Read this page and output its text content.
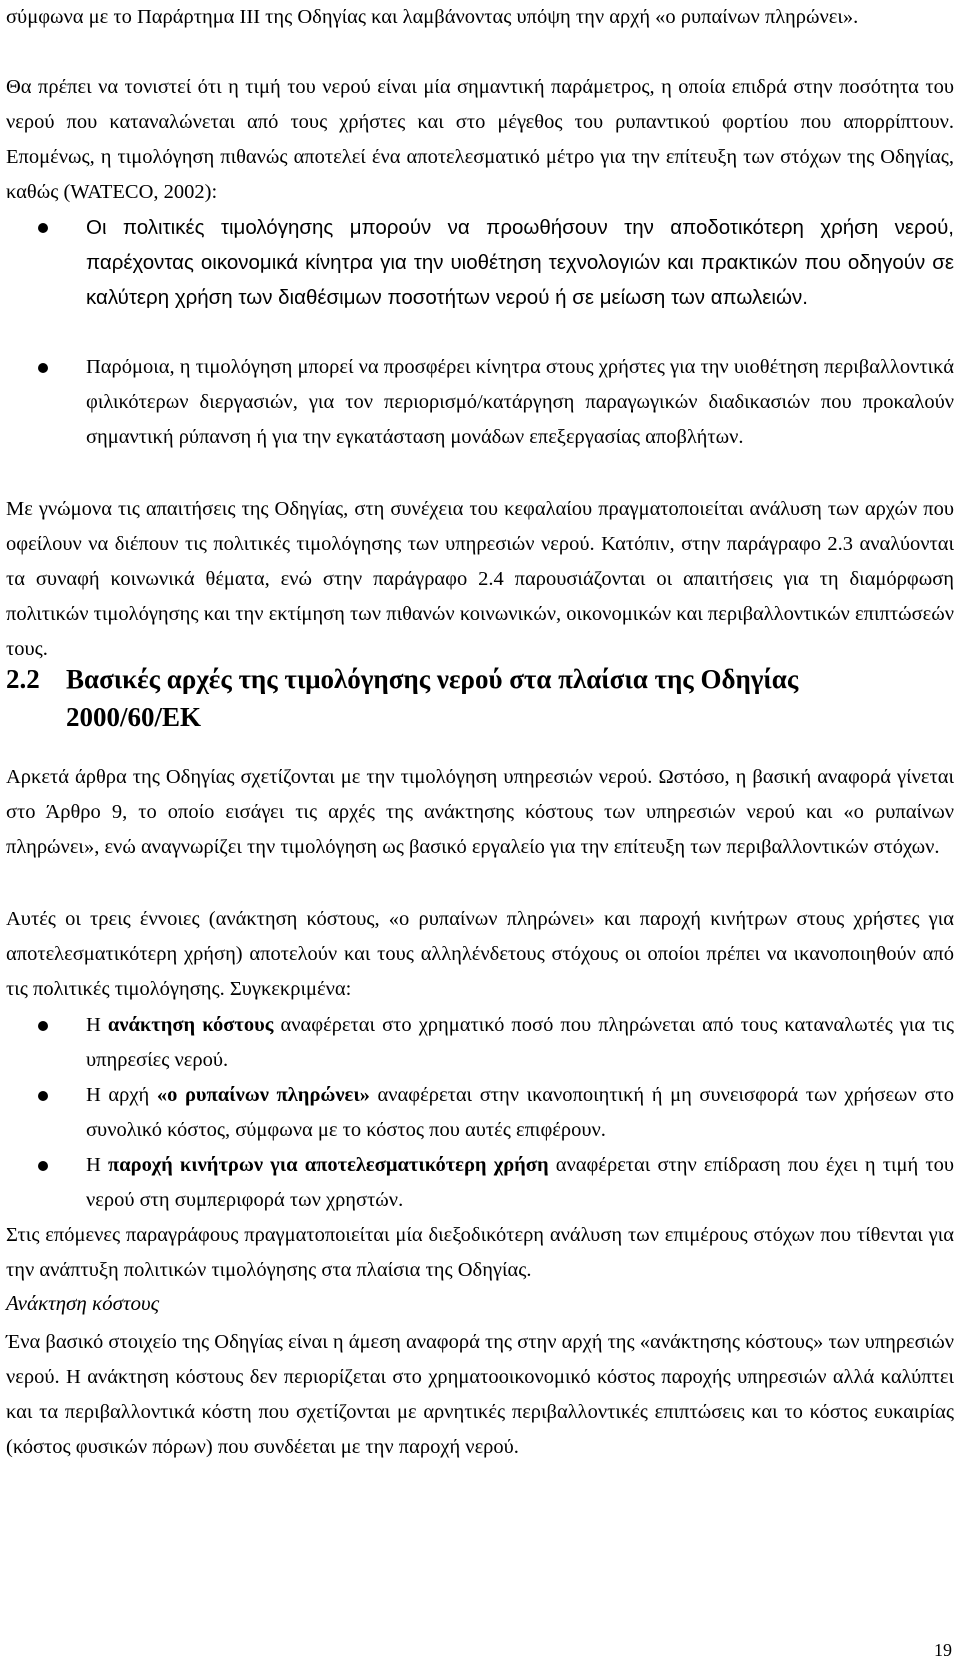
σύμφωνα με το Παράρτημα ΙΙΙ της Οδηγίας και λαμβάνοντας υπόψη την αρχή «ο ρυπαίνων πληρώνει».

Θα πρέπει να τονιστεί ότι η τιμή του νερού είναι μία σημαντική παράμετρος, η οποία επιδρά στην ποσότητα του νερού που καταναλώνεται από τους χρήστες και στο μέγεθος του ρυπαντικού φορτίου που απορρίπτουν. Επομένως, η τιμολόγηση πιθανώς αποτελεί ένα αποτελεσματικό μέτρο για την επίτευξη των στόχων της Οδηγίας, καθώς (WATECO, 2002):

Οι πολιτικές τιμολόγησης μπορούν να προωθήσουν την αποδοτικότερη χρήση νερού, παρέχοντας οικονομικά κίνητρα για την υιοθέτηση τεχνολογιών και πρακτικών που οδηγούν σε καλύτερη χρήση των διαθέσιμων ποσοτήτων νερού ή σε μείωση των απωλειών.

Παρόμοια, η τιμολόγηση μπορεί να προσφέρει κίνητρα στους χρήστες για την υιοθέτηση περιβαλλοντικά φιλικότερων διεργασιών, για τον περιορισμό/κατάργηση παραγωγικών διαδικασιών που προκαλούν σημαντική ρύπανση ή για την εγκατάσταση μονάδων επεξεργασίας αποβλήτων.

Με γνώμονα τις απαιτήσεις της Οδηγίας, στη συνέχεια του κεφαλαίου πραγματοποιείται ανάλυση των αρχών που οφείλουν να διέπουν τις πολιτικές τιμολόγησης των υπηρεσιών νερού. Κατόπιν, στην παράγραφο 2.3 αναλύονται τα συναφή κοινωνικά θέματα, ενώ στην παράγραφο 2.4 παρουσιάζονται οι απαιτήσεις για τη διαμόρφωση πολιτικών τιμολόγησης και την εκτίμηση των πιθανών κοινωνικών, οικονομικών και περιβαλλοντικών επιπτώσεών τους.

2.2 Βασικές αρχές της τιμολόγησης νερού στα πλαίσια της Οδηγίας
2000/60/ΕΚ

Αρκετά άρθρα της Οδηγίας σχετίζονται με την τιμολόγηση υπηρεσιών νερού. Ωστόσο, η βασική αναφορά γίνεται στο Άρθρο 9, το οποίο εισάγει τις αρχές της ανάκτησης κόστους των υπηρεσιών νερού και «ο ρυπαίνων πληρώνει», ενώ αναγνωρίζει την τιμολόγηση ως βασικό εργαλείο για την επίτευξη των περιβαλλοντικών στόχων.

Αυτές οι τρεις έννοιες (ανάκτηση κόστους, «ο ρυπαίνων πληρώνει» και παροχή κινήτρων στους χρήστες για αποτελεσματικότερη χρήση) αποτελούν και τους αλληλένδετους στόχους οι οποίοι πρέπει να ικανοποιηθούν από τις πολιτικές τιμολόγησης. Συγκεκριμένα:

Η ανάκτηση κόστους αναφέρεται στο χρηματικό ποσό που πληρώνεται από τους καταναλωτές για τις υπηρεσίες νερού.

Η αρχή «ο ρυπαίνων πληρώνει» αναφέρεται στην ικανοποιητική ή μη συνεισφορά των χρήσεων στο συνολικό κόστος, σύμφωνα με το κόστος που αυτές επιφέρουν.

Η παροχή κινήτρων για αποτελεσματικότερη χρήση αναφέρεται στην επίδραση που έχει η τιμή του νερού στη συμπεριφορά των χρηστών.

Στις επόμενες παραγράφους πραγματοποιείται μία διεξοδικότερη ανάλυση των επιμέρους στόχων που τίθενται για την ανάπτυξη πολιτικών τιμολόγησης στα πλαίσια της Οδηγίας.

Ανάκτηση κόστους

Ένα βασικό στοιχείο της Οδηγίας είναι η άμεση αναφορά της στην αρχή της «ανάκτησης κόστους» των υπηρεσιών νερού. Η ανάκτηση κόστους δεν περιορίζεται στο χρηματοοικονομικό κόστος παροχής υπηρεσιών αλλά καλύπτει και τα περιβαλλοντικά κόστη που σχετίζονται με αρνητικές περιβαλλοντικές επιπτώσεις και το κόστος ευκαιρίας (κόστος φυσικών πόρων) που συνδέεται με την παροχή νερού.

19
